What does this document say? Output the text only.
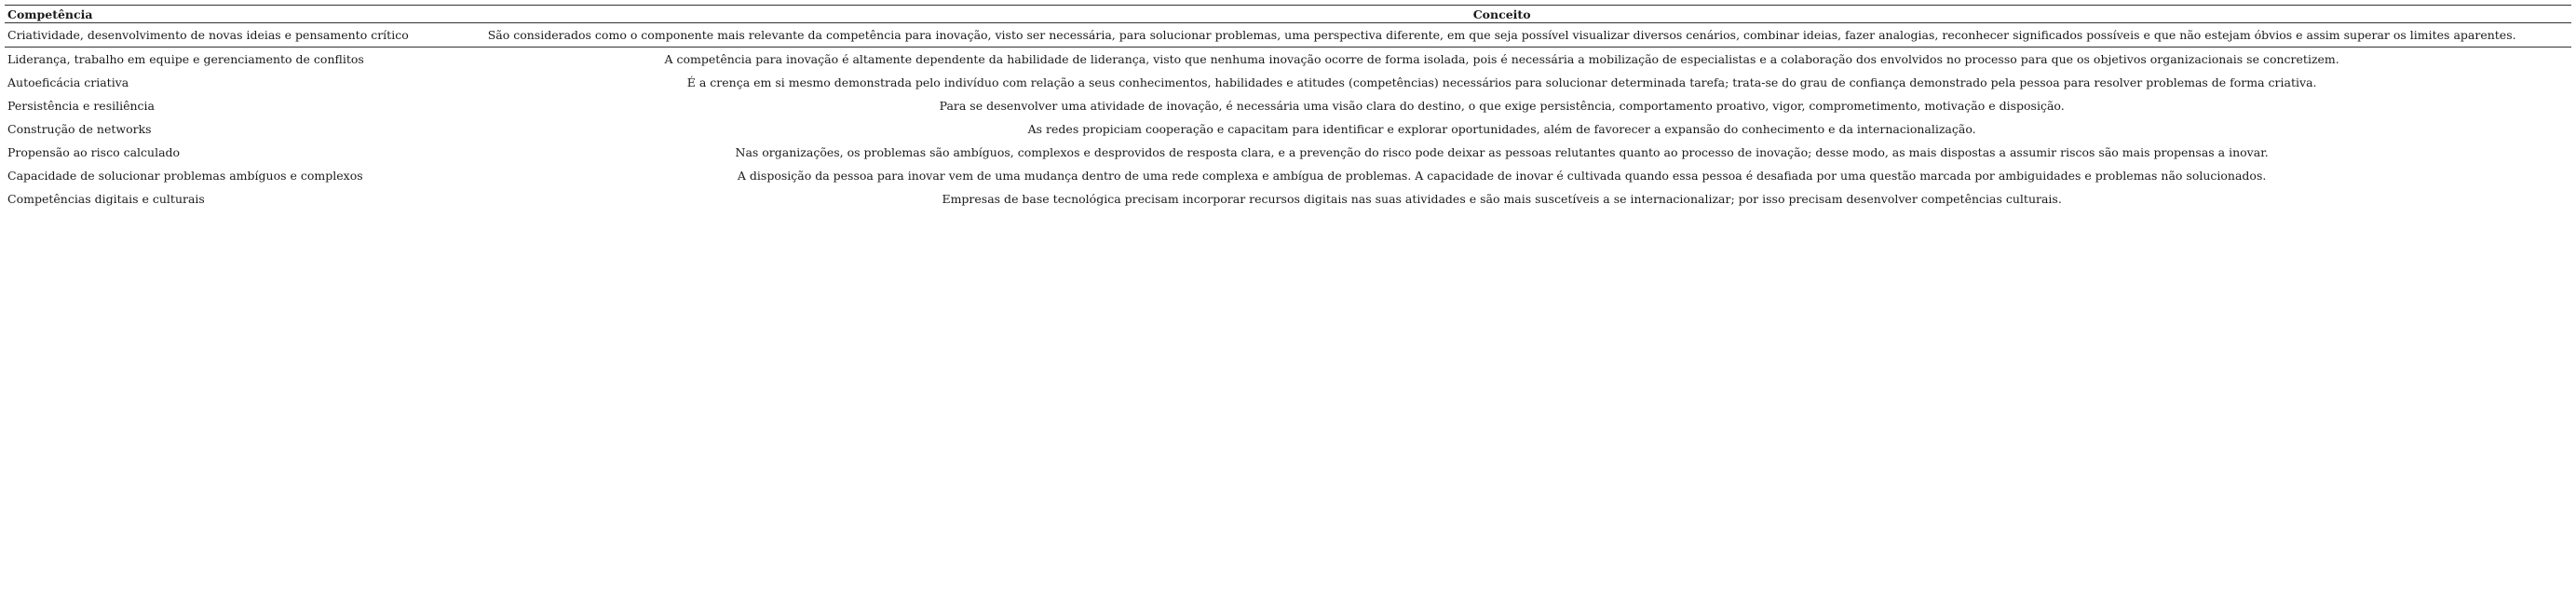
Competência	Conceito
Criatividade, desenvolvimento de novas ideias e pensamento crítico	São considerados como o componente mais relevante da competência para inovação, visto ser necessária, para solucionar problemas, uma perspectiva diferente, em que seja possível visualizar diversos cenários, combinar ideias, fazer analogias, reconhecer significados possíveis e que não estejam óbvios e assim superar os limites aparentes.
Liderança, trabalho em equipe e gerenciamento de conflitos	A competência para inovação é altamente dependente da habilidade de liderança, visto que nenhuma inovação ocorre de forma isolada, pois é necessária a mobilização de especialistas e a colaboração dos envolvidos no processo para que os objetivos organizacionais se concretizem.
Autoeficácia criativa	É a crença em si mesmo demonstrada pelo indivíduo com relação a seus conhecimentos, habilidades e atitudes (competências) necessários para solucionar determinada tarefa; trata-se do grau de confiança demonstrado pela pessoa para resolver problemas de forma criativa.
Persistência e resiliência	Para se desenvolver uma atividade de inovação, é necessária uma visão clara do destino, o que exige persistência, comportamento proativo, vigor, comprometimento, motivação e disposição.
Construção de networks	As redes propiciam cooperação e capacitam para identificar e explorar oportunidades, além de favorecer a expansão do conhecimento e da internacionalização.
Propensão ao risco calculado	Nas organizações, os problemas são ambíguos, complexos e desprovidos de resposta clara, e a prevenção do risco pode deixar as pessoas relutantes quanto ao processo de inovação; desse modo, as mais dispostas a assumir riscos são mais propensas a inovar.
Capacidade de solucionar problemas ambíguos e complexos	A disposição da pessoa para inovar vem de uma mudança dentro de uma rede complexa e ambígua de problemas. A capacidade de inovar é cultivada quando essa pessoa é desafiada por uma questão marcada por ambiguidades e problemas não solucionados.
Competências digitais e culturais	Empresas de base tecnológica precisam incorporar recursos digitais nas suas atividades e são mais suscetíveis a se internacionalizar; por isso precisam desenvolver competências culturais.
